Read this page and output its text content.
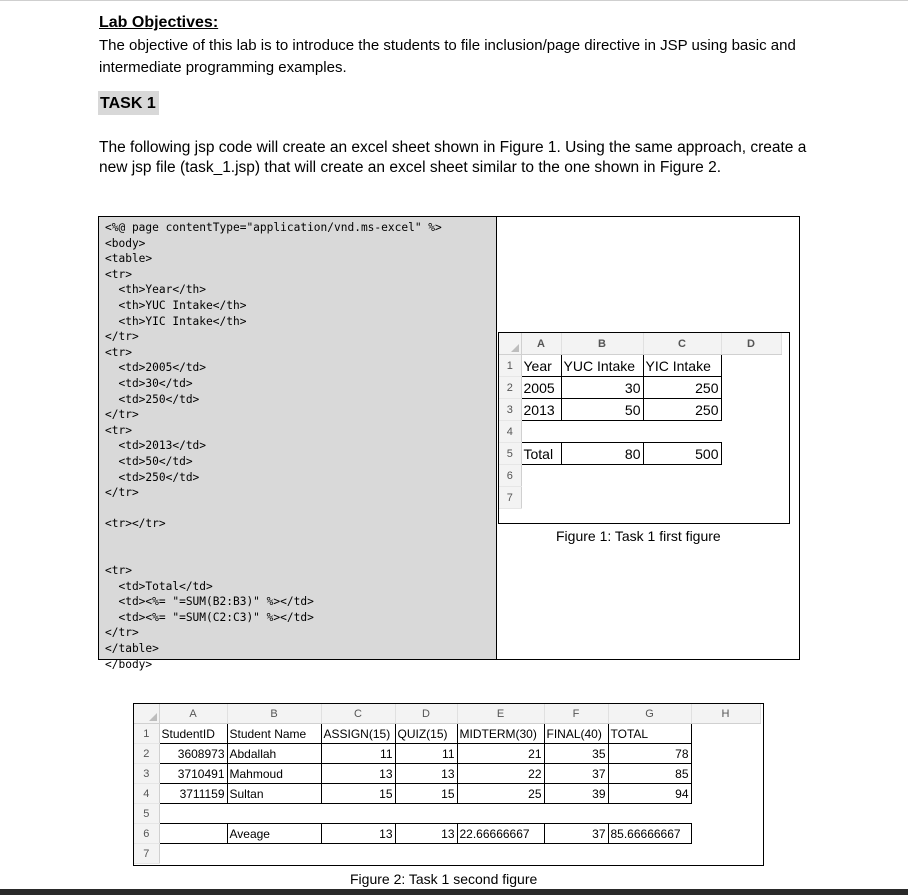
Lab Objectives:
The objective of this lab is to introduce the students to file inclusion/page directive in JSP using basic and intermediate programming examples.
TASK 1
The following jsp code will create an excel sheet shown in Figure 1. Using the same approach, create a new jsp file (task_1.jsp) that will create an excel sheet similar to the one shown in Figure 2.
<%@ page contentType="application/vnd.ms-excel" %>
<body>
<table>
<tr>
<th>Year</th>
<th>YUC Intake</th>
<th>YIC Intake</th>
</tr>
<tr>
<td>2005</td>
<td>30</td>
<td>250</td>
</tr>
<tr>
<td>2013</td>
<td>50</td>
<td>250</td>
</tr>
<tr></tr>
<tr>
<td>Total</td>
<td><%= "=SUM(B2:B3)" %></td>
<td><%= "=SUM(C2:C3)" %></td>
</tr>
</table>
</body>
	A	B	C	D
1	Year	YUC Intake	YIC Intake	
2	2005	30	250	
3	2013	50	250	
4				
5	Total	80	500	
6				
7				
Figure 1: Task 1 first figure
	A	B	C	D	E	F	G	H
1	StudentID	Student Name	ASSIGN(15)	QUIZ(15)	MIDTERM(30)	FINAL(40)	TOTAL	
2	3608973	Abdallah	11	11	21	35	78	
3	3710491	Mahmoud	13	13	22	37	85	
4	3711159	Sultan	15	15	25	39	94	
5								
6		Aveage	13	13	22.66666667	37	85.66666667	
7								
Figure 2: Task 1 second figure
